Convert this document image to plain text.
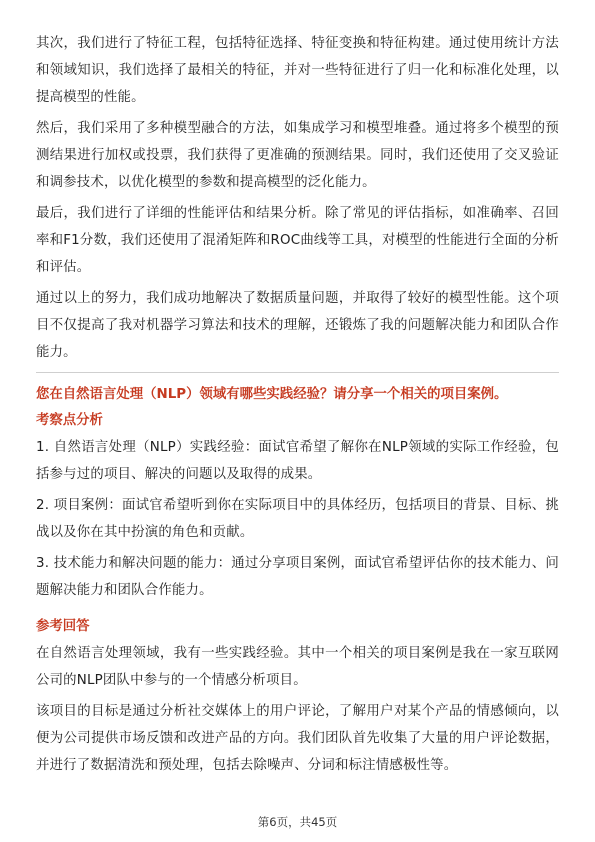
其次，我们进行了特征工程，包括特征选择、特征变换和特征构建。通过使用统计方法和领域知识，我们选择了最相关的特征，并对一些特征进行了归一化和标准化处理，以提高模型的性能。

然后，我们采用了多种模型融合的方法，如集成学习和模型堆叠。通过将多个模型的预测结果进行加权或投票，我们获得了更准确的预测结果。同时，我们还使用了交叉验证和调参技术，以优化模型的参数和提高模型的泛化能力。

最后，我们进行了详细的性能评估和结果分析。除了常见的评估指标，如准确率、召回率和F1分数，我们还使用了混淆矩阵和ROC曲线等工具，对模型的性能进行全面的分析和评估。

通过以上的努力，我们成功地解决了数据质量问题，并取得了较好的模型性能。这个项目不仅提高了我对机器学习算法和技术的理解，还锻炼了我的问题解决能力和团队合作能力。

您在自然语言处理（NLP）领域有哪些实践经验？请分享一个相关的项目案例。

考察点分析

1. 自然语言处理（NLP）实践经验：面试官希望了解你在NLP领域的实际工作经验，包括参与过的项目、解决的问题以及取得的成果。

2. 项目案例：面试官希望听到你在实际项目中的具体经历，包括项目的背景、目标、挑战以及你在其中扮演的角色和贡献。

3. 技术能力和解决问题的能力：通过分享项目案例，面试官希望评估你的技术能力、问题解决能力和团队合作能力。

参考回答

在自然语言处理领域，我有一些实践经验。其中一个相关的项目案例是我在一家互联网公司的NLP团队中参与的一个情感分析项目。

该项目的目标是通过分析社交媒体上的用户评论，了解用户对某个产品的情感倾向，以便为公司提供市场反馈和改进产品的方向。我们团队首先收集了大量的用户评论数据，并进行了数据清洗和预处理，包括去除噪声、分词和标注情感极性等。

第6页，共45页
